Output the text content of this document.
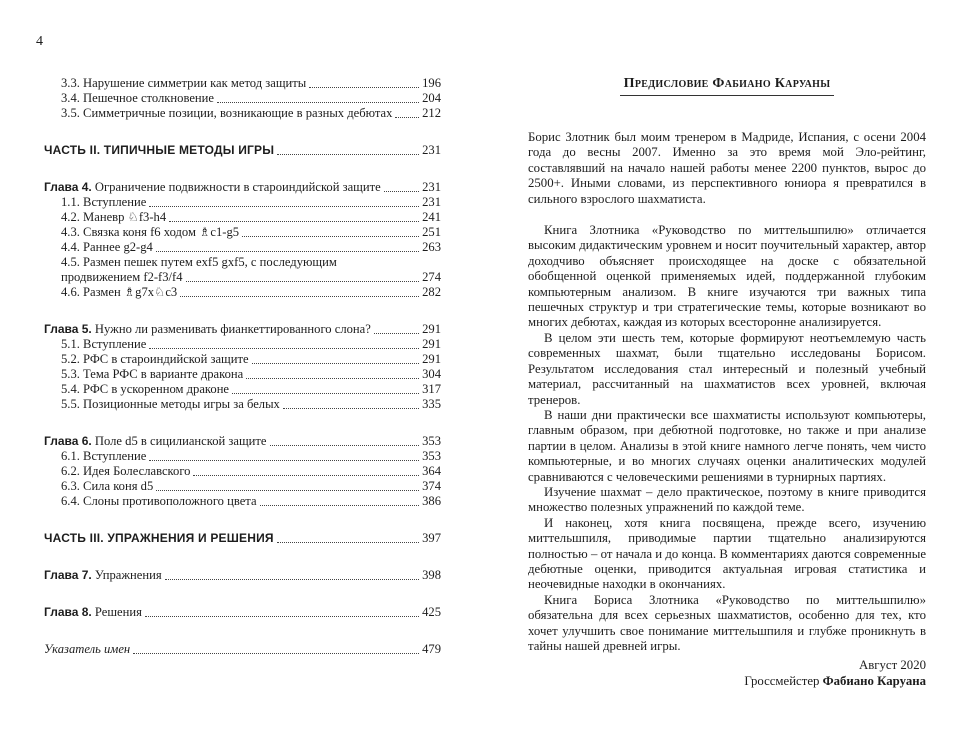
4
3.3. Нарушение симметрии как метод защиты	196
3.4. Пешечное столкновение	204
3.5. Симметричные позиции, возникающие в разных дебютах 212
ЧАСТЬ II. ТИПИЧНЫЕ МЕТОДЫ ИГРЫ	231
Глава 4. Ограничение подвижности в староиндийской защите	231
1.1. Вступление	231
4.2. Маневр ♘f3-h4	241
4.3. Связка коня f6 ходом ♗c1-g5	251
4.4. Раннее g2-g4	263
4.5. Размен пешек путем exf5 gxf5, с последующим
продвижением f2-f3/f4	274
4.6. Размен ♗g7x♘c3	282
Глава 5. Нужно ли разменивать фианкеттированного слона?	291
5.1. Вступление	291
5.2. РФС в староиндийской защите	291
5.3. Тема РФС в варианте дракона	304
5.4. РФС в ускоренном драконе	317
5.5. Позиционные методы игры за белых	335
Глава 6. Поле d5 в сицилианской защите	353
6.1. Вступление	353
6.2. Идея Болеславского	364
6.3. Сила коня d5	374
6.4. Слоны противоположного цвета	386
ЧАСТЬ III. УПРАЖНЕНИЯ И РЕШЕНИЯ	397
Глава 7. Упражнения	398
Глава 8. Решения	425
Указатель имен	479
Предисловие Фабиано Каруаны

Борис Злотник был моим тренером в Мадриде, Испания, с осени 2004 года до весны 2007. Именно за это время мой Эло-рейтинг, составлявший на начало нашей работы менее 2200 пунктов, вырос до 2500+. Иными словами, из перспективного юниора я превратился в сильного взрослого шахматиста.

Книга Злотника «Руководство по миттельшпилю» отличается высоким дидактическим уровнем и носит поучительный характер, автор доходчиво объясняет происходящее на доске с обязательной обобщенной оценкой применяемых идей, поддержанной глубоким компьютерным анализом. В книге изучаются три важных типа пешечных структур и три стратегические темы, которые возникают во многих дебютах, каждая из которых всесторонне анализируется.

В целом эти шесть тем, которые формируют неотъемлемую часть современных шахмат, были тщательно исследованы Борисом. Результатом исследования стал интересный и полезный учебный материал, рассчитанный на шахматистов всех уровней, включая тренеров.

В наши дни практически все шахматисты используют компьютеры, главным образом, при дебютной подготовке, но также и при анализе партии в целом. Анализы в этой книге намного легче понять, чем чисто компьютерные, и во многих случаях оценки аналитических модулей сравниваются с человеческими решениями в турнирных партиях.

Изучение шахмат – дело практическое, поэтому в книге приводится множество полезных упражнений по каждой теме.

И наконец, хотя книга посвящена, прежде всего, изучению миттельшпиля, приводимые партии тщательно анализируются полностью – от начала и до конца. В комментариях даются современные дебютные оценки, приводится актуальная игровая статистика и неочевидные находки в окончаниях.

Книга Бориса Злотника «Руководство по миттельшпилю» обязательна для всех серьезных шахматистов, особенно для тех, кто хочет улучшить свое понимание миттельшпиля и глубже проникнуть в тайны нашей древней игры.

Август 2020
Гроссмейстер Фабиано Каруана
